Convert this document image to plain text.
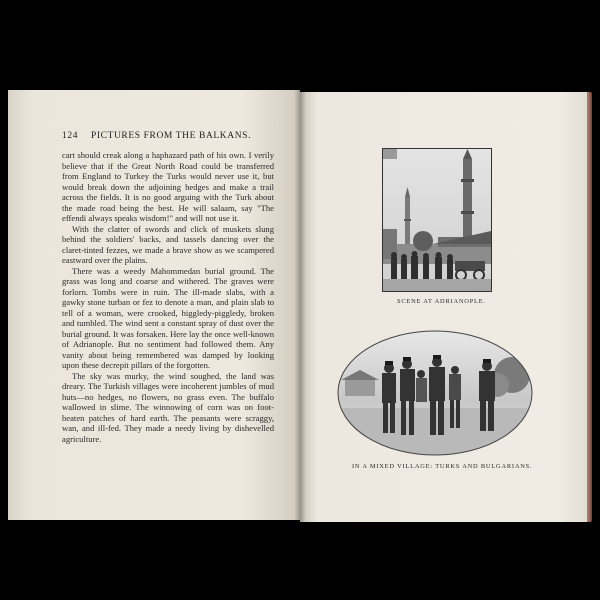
124 PICTURES FROM THE BALKANS.

cart should creak along a haphazard path of his own. I verily believe that if the Great North Road could be transferred from England to Turkey the Turks would never use it, but would break down the adjoining hedges and make a trail across the fields. It is no good arguing with the Turk about the made road being the best. He will salaam, say "The effendi always speaks wisdom!" and will not use it.

With the clatter of swords and click of muskets slung behind the soldiers' backs, and tassels dancing over the claret-tinted fezzes, we made a brave show as we scampered eastward over the plains.

There was a weedy Mahommedan burial ground. The grass was long and coarse and withered. The graves were forlorn. Tombs were in ruin. The ill-made slabs, with a gawky stone turban or fez to denote a man, and plain slab to tell of a woman, were crooked, higgledy-piggledy, broken and tumbled. The wind sent a constant spray of dust over the burial ground. It was forsaken. Here lay the once well-known of Adrianople. But no sentiment had followed them. Any vanity about being remembered was damped by looking upon these decrepit pillars of the forgotten.

The sky was murky, the wind soughed, the land was dreary. The Turkish villages were incoherent jumbles of mud huts—no hedges, no flowers, no grass even. The buffalo wallowed in slime. The winnowing of corn was on foot-beaten patches of hard earth. The peasants were scraggy, wan, and ill-fed. They made a needy living by dishevelled agriculture.

SCENE AT ADRIANOPLE.
IN A MIXED VILLAGE: TURKS AND BULGARIANS.
